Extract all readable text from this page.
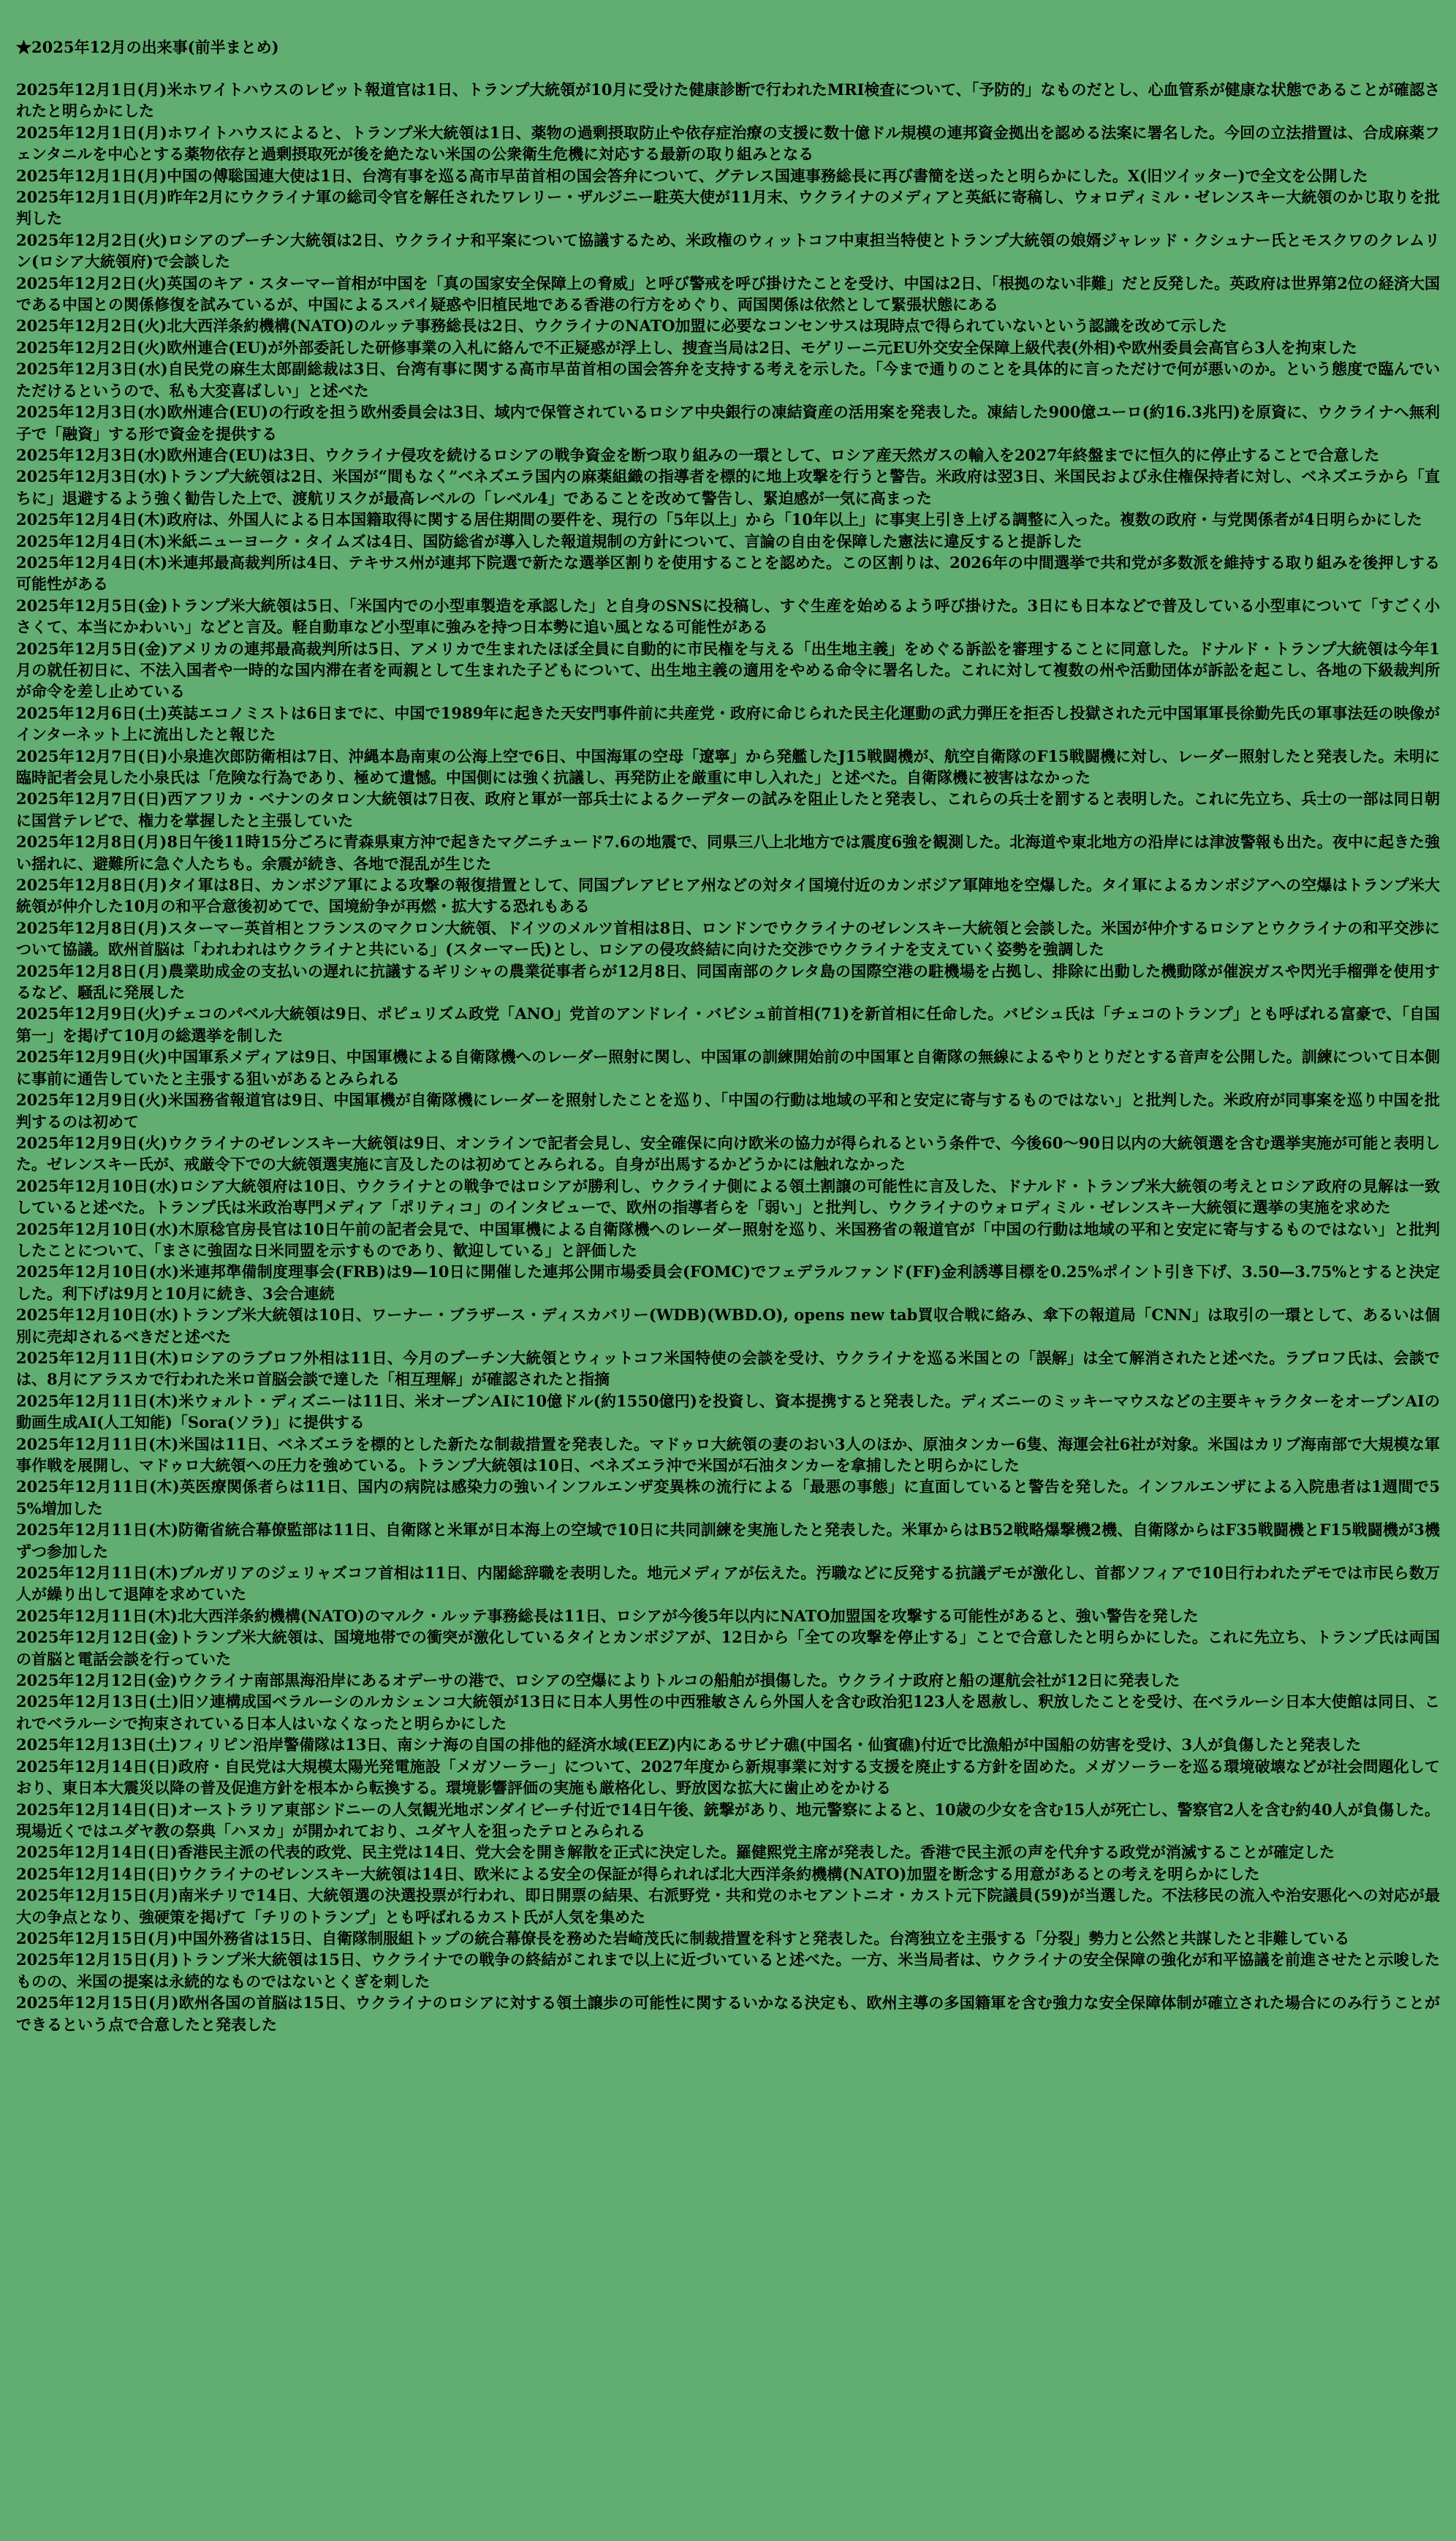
★2025年12月の出来事(前半まとめ)

2025年12月1日(月)米ホワイトハウスのレビット報道官は1日、トランプ大統領が10月に受けた健康診断で行われたMRI検査について、「予防的」なものだとし、心血管系が健康な状態であることが確認されたと明らかにした

2025年12月1日(月)ホワイトハウスによると、トランプ米大統領は1日、薬物の過剰摂取防止や依存症治療の支援に数十億ドル規模の連邦資金拠出を認める法案に署名した。今回の立法措置は、合成麻薬フェンタニルを中心とする薬物依存と過剰摂取死が後を絶たない米国の公衆衛生危機に対応する最新の取り組みとなる

2025年12月1日(月)中国の傅聡国連大使は1日、台湾有事を巡る高市早苗首相の国会答弁について、グテレス国連事務総長に再び書簡を送ったと明らかにした。X(旧ツイッター)で全文を公開した

2025年12月1日(月)昨年2月にウクライナ軍の総司令官を解任されたワレリー・ザルジニー駐英大使が11月末、ウクライナのメディアと英紙に寄稿し、ウォロディミル・ゼレンスキー大統領のかじ取りを批判した

2025年12月2日(火)ロシアのプーチン大統領は2日、ウクライナ和平案について協議するため、米政権のウィットコフ中東担当特使とトランプ大統領の娘婿ジャレッド・クシュナー氏とモスクワのクレムリン(ロシア大統領府)で会談した

2025年12月2日(火)英国のキア・スターマー首相が中国を「真の国家安全保障上の脅威」と呼び警戒を呼び掛けたことを受け、中国は2日、「根拠のない非難」だと反発した。英政府は世界第2位の経済大国である中国との関係修復を試みているが、中国によるスパイ疑惑や旧植民地である香港の行方をめぐり、両国関係は依然として緊張状態にある

2025年12月2日(火)北大西洋条約機構(NATO)のルッテ事務総長は2日、ウクライナのNATO加盟に必要なコンセンサスは現時点で得られていないという認識を改めて示した

2025年12月2日(火)欧州連合(EU)が外部委託した研修事業の入札に絡んで不正疑惑が浮上し、捜査当局は2日、モゲリーニ元EU外交安全保障上級代表(外相)や欧州委員会高官ら3人を拘束した

2025年12月3日(水)自民党の麻生太郎副総裁は3日、台湾有事に関する高市早苗首相の国会答弁を支持する考えを示した。「今まで通りのことを具体的に言っただけで何が悪いのか。という態度で臨んでいただけるというので、私も大変喜ばしい」と述べた

2025年12月3日(水)欧州連合(EU)の行政を担う欧州委員会は3日、域内で保管されているロシア中央銀行の凍結資産の活用案を発表した。凍結した900億ユーロ(約16.3兆円)を原資に、ウクライナへ無利子で「融資」する形で資金を提供する

2025年12月3日(水)欧州連合(EU)は3日、ウクライナ侵攻を続けるロシアの戦争資金を断つ取り組みの一環として、ロシア産天然ガスの輸入を2027年終盤までに恒久的に停止することで合意した

2025年12月3日(水)トランプ大統領は2日、米国が“間もなく”ベネズエラ国内の麻薬組織の指導者を標的に地上攻撃を行うと警告。米政府は翌3日、米国民および永住権保持者に対し、ベネズエラから「直ちに」退避するよう強く勧告した上で、渡航リスクが最高レベルの「レベル4」であることを改めて警告し、緊迫感が一気に高まった

2025年12月4日(木)政府は、外国人による日本国籍取得に関する居住期間の要件を、現行の「5年以上」から「10年以上」に事実上引き上げる調整に入った。複数の政府・与党関係者が4日明らかにした

2025年12月4日(木)米紙ニューヨーク・タイムズは4日、国防総省が導入した報道規制の方針について、言論の自由を保障した憲法に違反すると提訴した

2025年12月4日(木)米連邦最高裁判所は4日、テキサス州が連邦下院選で新たな選挙区割りを使用することを認めた。この区割りは、2026年の中間選挙で共和党が多数派を維持する取り組みを後押しする可能性がある

2025年12月5日(金)トランプ米大統領は5日、「米国内での小型車製造を承認した」と自身のSNSに投稿し、すぐ生産を始めるよう呼び掛けた。3日にも日本などで普及している小型車について「すごく小さくて、本当にかわいい」などと言及。軽自動車など小型車に強みを持つ日本勢に追い風となる可能性がある

2025年12月5日(金)アメリカの連邦最高裁判所は5日、アメリカで生まれたほぼ全員に自動的に市民権を与える「出生地主義」をめぐる訴訟を審理することに同意した。ドナルド・トランプ大統領は今年1月の就任初日に、不法入国者や一時的な国内滞在者を両親として生まれた子どもについて、出生地主義の適用をやめる命令に署名した。これに対して複数の州や活動団体が訴訟を起こし、各地の下級裁判所が命令を差し止めている

2025年12月6日(土)英誌エコノミストは6日までに、中国で1989年に起きた天安門事件前に共産党・政府に命じられた民主化運動の武力弾圧を拒否し投獄された元中国軍軍長徐勤先氏の軍事法廷の映像がインターネット上に流出したと報じた

2025年12月7日(日)小泉進次郎防衛相は7日、沖縄本島南東の公海上空で6日、中国海軍の空母「遼寧」から発艦したJ15戦闘機が、航空自衛隊のF15戦闘機に対し、レーダー照射したと発表した。未明に臨時記者会見した小泉氏は「危険な行為であり、極めて遺憾。中国側には強く抗議し、再発防止を厳重に申し入れた」と述べた。自衛隊機に被害はなかった

2025年12月7日(日)西アフリカ・ベナンのタロン大統領は7日夜、政府と軍が一部兵士によるクーデターの試みを阻止したと発表し、これらの兵士を罰すると表明した。これに先立ち、兵士の一部は同日朝に国営テレビで、権力を掌握したと主張していた

2025年12月8日(月)8日午後11時15分ごろに青森県東方沖で起きたマグニチュード7.6の地震で、同県三八上北地方では震度6強を観測した。北海道や東北地方の沿岸には津波警報も出た。夜中に起きた強い揺れに、避難所に急ぐ人たちも。余震が続き、各地で混乱が生じた

2025年12月8日(月)タイ軍は8日、カンボジア軍による攻撃の報復措置として、同国プレアビヒア州などの対タイ国境付近のカンボジア軍陣地を空爆した。タイ軍によるカンボジアへの空爆はトランプ米大統領が仲介した10月の和平合意後初めてで、国境紛争が再燃・拡大する恐れもある

2025年12月8日(月)スターマー英首相とフランスのマクロン大統領、ドイツのメルツ首相は8日、ロンドンでウクライナのゼレンスキー大統領と会談した。米国が仲介するロシアとウクライナの和平交渉について協議。欧州首脳は「われわれはウクライナと共にいる」(スターマー氏)とし、ロシアの侵攻終結に向けた交渉でウクライナを支えていく姿勢を強調した

2025年12月8日(月)農業助成金の支払いの遅れに抗議するギリシャの農業従事者らが12月8日、同国南部のクレタ島の国際空港の駐機場を占拠し、排除に出動した機動隊が催涙ガスや閃光手榴弾を使用するなど、騒乱に発展した

2025年12月9日(火)チェコのパベル大統領は9日、ポピュリズム政党「ANO」党首のアンドレイ・バビシュ前首相(71)を新首相に任命した。バビシュ氏は「チェコのトランプ」とも呼ばれる富豪で、「自国第一」を掲げて10月の総選挙を制した

2025年12月9日(火)中国軍系メディアは9日、中国軍機による自衛隊機へのレーダー照射に関し、中国軍の訓練開始前の中国軍と自衛隊の無線によるやりとりだとする音声を公開した。訓練について日本側に事前に通告していたと主張する狙いがあるとみられる

2025年12月9日(火)米国務省報道官は9日、中国軍機が自衛隊機にレーダーを照射したことを巡り、「中国の行動は地域の平和と安定に寄与するものではない」と批判した。米政府が同事案を巡り中国を批判するのは初めて

2025年12月9日(火)ウクライナのゼレンスキー大統領は9日、オンラインで記者会見し、安全確保に向け欧米の協力が得られるという条件で、今後60〜90日以内の大統領選を含む選挙実施が可能と表明した。ゼレンスキー氏が、戒厳令下での大統領選実施に言及したのは初めてとみられる。自身が出馬するかどうかには触れなかった

2025年12月10日(水)ロシア大統領府は10日、ウクライナとの戦争ではロシアが勝利し、ウクライナ側による領土割譲の可能性に言及した、ドナルド・トランプ米大統領の考えとロシア政府の見解は一致していると述べた。トランプ氏は米政治専門メディア「ポリティコ」のインタビューで、欧州の指導者らを「弱い」と批判し、ウクライナのウォロディミル・ゼレンスキー大統領に選挙の実施を求めた

2025年12月10日(水)木原稔官房長官は10日午前の記者会見で、中国軍機による自衛隊機へのレーダー照射を巡り、米国務省の報道官が「中国の行動は地域の平和と安定に寄与するものではない」と批判したことについて、「まさに強固な日米同盟を示すものであり、歓迎している」と評価した

2025年12月10日(水)米連邦準備制度理事会(FRB)は9—10日に開催した連邦公開市場委員会(FOMC)でフェデラルファンド(FF)金利誘導目標を0.25%ポイント引き下げ、3.50—3.75%とすると決定した。利下げは9月と10月に続き、3会合連続

2025年12月10日(水)トランプ米大統領は10日、ワーナー・ブラザース・ディスカバリー(WDB)(WBD.O), opens new tab買収合戦に絡み、傘下の報道局「CNN」は取引の一環として、あるいは個別に売却されるべきだと述べた

2025年12月11日(木)ロシアのラブロフ外相は11日、今月のプーチン大統領とウィットコフ米国特使の会談を受け、ウクライナを巡る米国との「誤解」は全て解消されたと述べた。ラブロフ氏は、会談では、8月にアラスカで行われた米ロ首脳会談で達した「相互理解」が確認されたと指摘

2025年12月11日(木)米ウォルト・ディズニーは11日、米オープンAIに10億ドル(約1550億円)を投資し、資本提携すると発表した。ディズニーのミッキーマウスなどの主要キャラクターをオープンAIの動画生成AI(人工知能)「Sora(ソラ)」に提供する

2025年12月11日(木)米国は11日、ベネズエラを標的とした新たな制裁措置を発表した。マドゥロ大統領の妻のおい3人のほか、原油タンカー6隻、海運会社6社が対象。米国はカリブ海南部で大規模な軍事作戦を展開し、マドゥロ大統領への圧力を強めている。トランプ大統領は10日、ベネズエラ沖で米国が石油タンカーを拿捕したと明らかにした

2025年12月11日(木)英医療関係者らは11日、国内の病院は感染力の強いインフルエンザ変異株の流行による「最悪の事態」に直面していると警告を発した。インフルエンザによる入院患者は1週間で55%増加した

2025年12月11日(木)防衛省統合幕僚監部は11日、自衛隊と米軍が日本海上の空域で10日に共同訓練を実施したと発表した。米軍からはB52戦略爆撃機2機、自衛隊からはF35戦闘機とF15戦闘機が3機ずつ参加した

2025年12月11日(木)ブルガリアのジェリャズコフ首相は11日、内閣総辞職を表明した。地元メディアが伝えた。汚職などに反発する抗議デモが激化し、首都ソフィアで10日行われたデモでは市民ら数万人が繰り出して退陣を求めていた

2025年12月11日(木)北大西洋条約機構(NATO)のマルク・ルッテ事務総長は11日、ロシアが今後5年以内にNATO加盟国を攻撃する可能性があると、強い警告を発した

2025年12月12日(金)トランプ米大統領は、国境地帯での衝突が激化しているタイとカンボジアが、12日から「全ての攻撃を停止する」ことで合意したと明らかにした。これに先立ち、トランプ氏は両国の首脳と電話会談を行っていた

2025年12月12日(金)ウクライナ南部黒海沿岸にあるオデーサの港で、ロシアの空爆によりトルコの船舶が損傷した。ウクライナ政府と船の運航会社が12日に発表した

2025年12月13日(土)旧ソ連構成国ベラルーシのルカシェンコ大統領が13日に日本人男性の中西雅敏さんら外国人を含む政治犯123人を恩赦し、釈放したことを受け、在ベラルーシ日本大使館は同日、これでベラルーシで拘束されている日本人はいなくなったと明らかにした

2025年12月13日(土)フィリピン沿岸警備隊は13日、南シナ海の自国の排他的経済水域(EEZ)内にあるサビナ礁(中国名・仙賓礁)付近で比漁船が中国船の妨害を受け、3人が負傷したと発表した

2025年12月14日(日)政府・自民党は大規模太陽光発電施設「メガソーラー」について、2027年度から新規事業に対する支援を廃止する方針を固めた。メガソーラーを巡る環境破壊などが社会問題化しており、東日本大震災以降の普及促進方針を根本から転換する。環境影響評価の実施も厳格化し、野放図な拡大に歯止めをかける

2025年12月14日(日)オーストラリア東部シドニーの人気観光地ボンダイビーチ付近で14日午後、銃撃があり、地元警察によると、10歳の少女を含む15人が死亡し、警察官2人を含む約40人が負傷した。現場近くではユダヤ教の祭典「ハヌカ」が開かれており、ユダヤ人を狙ったテロとみられる

2025年12月14日(日)香港民主派の代表的政党、民主党は14日、党大会を開き解散を正式に決定した。羅健熙党主席が発表した。香港で民主派の声を代弁する政党が消滅することが確定した

2025年12月14日(日)ウクライナのゼレンスキー大統領は14日、欧米による安全の保証が得られれば北大西洋条約機構(NATO)加盟を断念する用意があるとの考えを明らかにした

2025年12月15日(月)南米チリで14日、大統領選の決選投票が行われ、即日開票の結果、右派野党・共和党のホセアントニオ・カスト元下院議員(59)が当選した。不法移民の流入や治安悪化への対応が最大の争点となり、強硬策を掲げて「チリのトランプ」とも呼ばれるカスト氏が人気を集めた

2025年12月15日(月)中国外務省は15日、自衛隊制服組トップの統合幕僚長を務めた岩崎茂氏に制裁措置を科すと発表した。台湾独立を主張する「分裂」勢力と公然と共謀したと非難している

2025年12月15日(月)トランプ米大統領は15日、ウクライナでの戦争の終結がこれまで以上に近づいていると述べた。一方、米当局者は、ウクライナの安全保障の強化が和平協議を前進させたと示唆したものの、米国の提案は永続的なものではないとくぎを刺した

2025年12月15日(月)欧州各国の首脳は15日、ウクライナのロシアに対する領土譲歩の可能性に関するいかなる決定も、欧州主導の多国籍軍を含む強力な安全保障体制が確立された場合にのみ行うことができるという点で合意したと発表した
